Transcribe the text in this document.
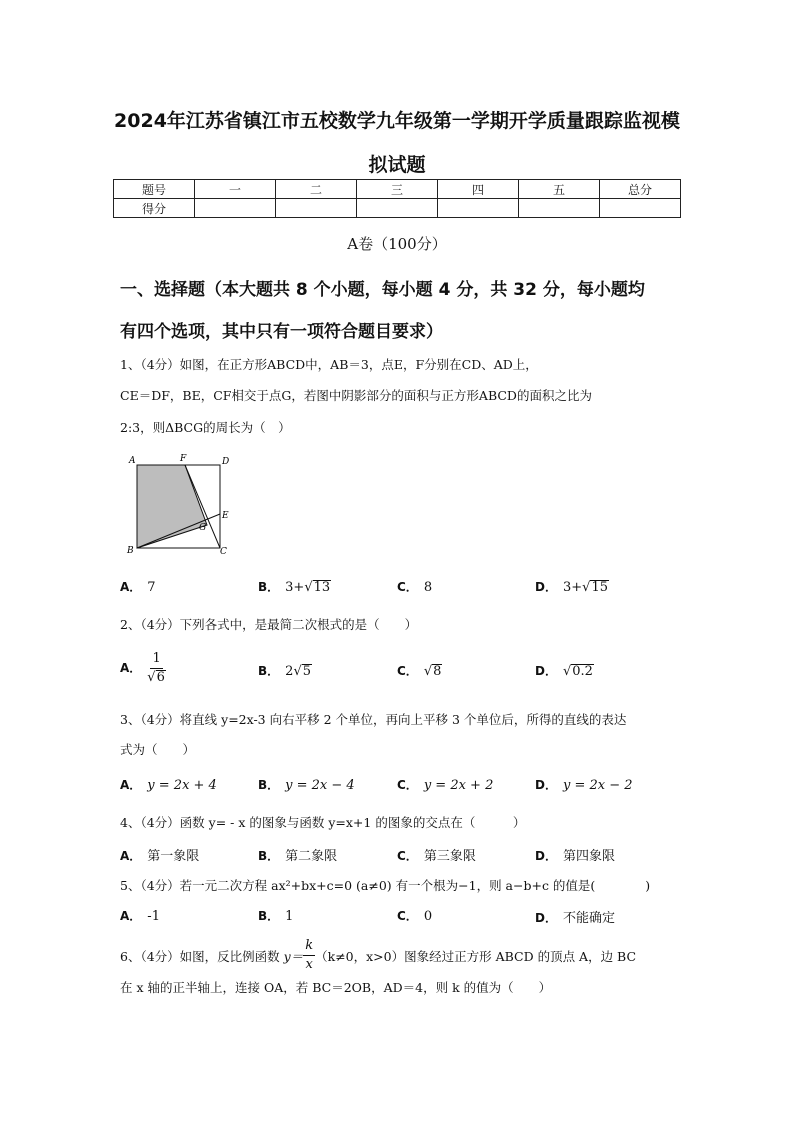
2024年江苏省镇江市五校数学九年级第一学期开学质量跟踪监视模
拟试题
题号	一	二	三	四	五	总分
得分						
A卷（100分）
一、选择题（本大题共 8 个小题，每小题 4 分，共 32 分，每小题均
有四个选项，其中只有一项符合题目要求）
1、（4分）如图，在正方形ABCD中，AB＝3，点E，F分别在CD、AD上，
CE＝DF，BE，CF相交于点G，若图中阴影部分的面积与正方形ABCD的面积之比为
2:3，则ΔBCG的周长为（　）
A	F	D
E
G
B	C
A． 7	B． 3+√13	C． 8	D． 3+√15
2、（4分）下列各式中，是最简二次根式的是（　　）
A． $\frac{1}{√6}$	B． 2√5	C． √8	D． √0.2
3、（4分）将直线 y=2x-3 向右平移 2 个单位，再向上平移 3 个单位后，所得的直线的表达
式为（　　）
A． y = 2x + 4	B． y = 2x − 4	C． y = 2x + 2	D． y = 2x − 2
4、（4分）函数 y= - x 的图象与函数 y=x+1 的图象的交点在（　　　）
A． 第一象限	B． 第二象限	C． 第三象限	D． 第四象限
5、（4分）若一元二次方程 ax²+bx+c=0 (a≠0) 有一个根为−1，则 a−b+c 的值是(　　　　)
A． -1	B． 1	C． 0	D． 不能确定
6、（4分）如图，反比例函数 $y= \frac{k}{x} (k\ne 0$，x>0）图象经过正方形 ABCD 的顶点 A，边 BC
在 x 轴的正半轴上，连接 OA，若 BC＝2OB，AD＝4，则 k 的值为（　　）
